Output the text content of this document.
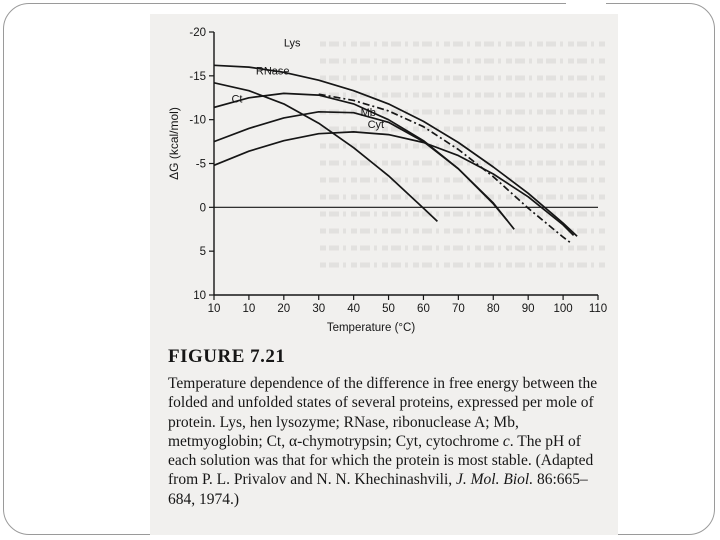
Lys
RNase
Ct
Mb
Cyt
-20
-15
-10
-5
0
5
10
10 10 20 30 40 50 60 70 80 90 100 110
Temperature (°C)
ΔG (kcal/mol)
FIGURE 7.21

Temperature dependence of the difference in free energy between the folded and unfolded states of several proteins, expressed per mole of protein. Lys, hen lysozyme; RNase, ribonuclease A; Mb, metmyoglobin; Ct, α-chymotrypsin; Cyt, cytochrome c. The pH of each solution was that for which the protein is most stable. (Adapted from P. L. Privalov and N. N. Khechinashvili, J. Mol. Biol. 86:665–684, 1974.)
